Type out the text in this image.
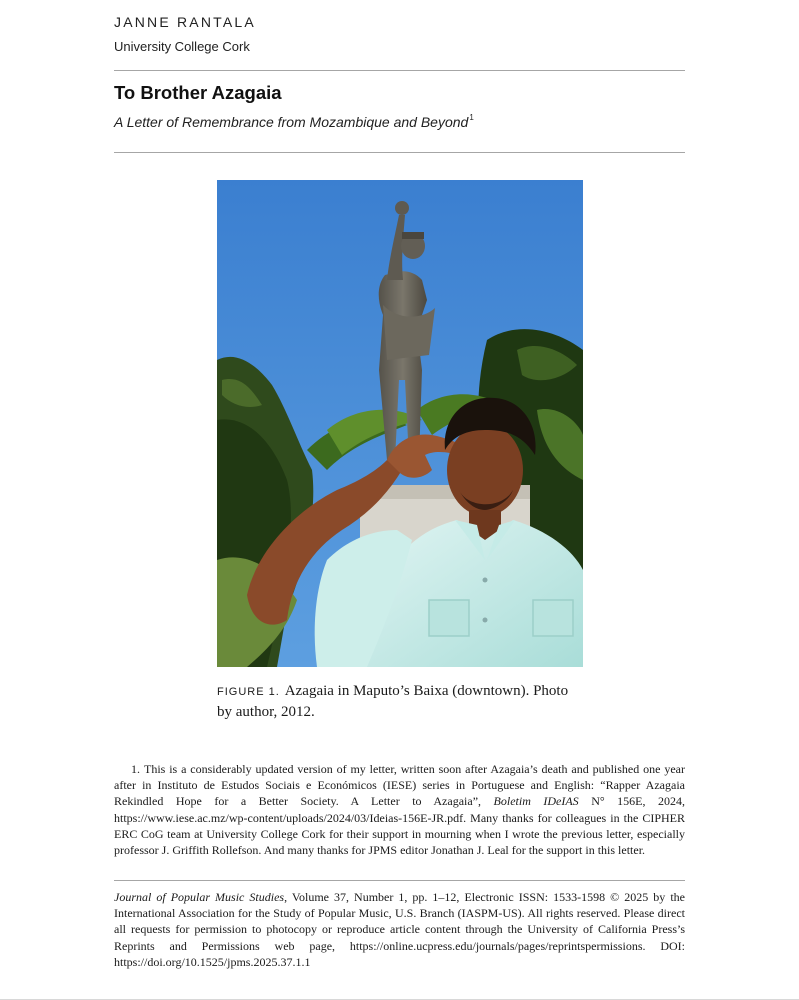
JANNE RANTALA
University College Cork
To Brother Azagaia
A Letter of Remembrance from Mozambique and Beyond$^1$
FIGURE 1. Azagaia in Maputo’s Baixa (downtown). Photo by author, 2012.
1. This is a considerably updated version of my letter, written soon after Azagaia’s death and published one year after in Instituto de Estudos Sociais e Económicos (IESE) series in Portuguese and English: “Rapper Azagaia Rekindled Hope for a Better Society. A Letter to Azagaia”, Boletim IDeIAS N° 156E, 2024, https://www.iese.ac.mz/wp-content/uploads/2024/03/Ideias-156E-JR.pdf. Many thanks for colleagues in the CIPHER ERC CoG team at University College Cork for their support in mourning when I wrote the previous letter, especially professor J. Griffith Rollefson. And many thanks for JPMS editor Jonathan J. Leal for the support in this letter.
Journal of Popular Music Studies, Volume 37, Number 1, pp. 1–12, Electronic ISSN: 1533-1598 © 2025 by the International Association for the Study of Popular Music, U.S. Branch (IASPM-US). All rights reserved. Please direct all requests for permission to photocopy or reproduce article content through the University of California Press’s Reprints and Permissions web page, https://online.ucpress.edu/journals/pages/reprintspermissions. DOI: https://doi.org/10.1525/jpms.2025.37.1.1
